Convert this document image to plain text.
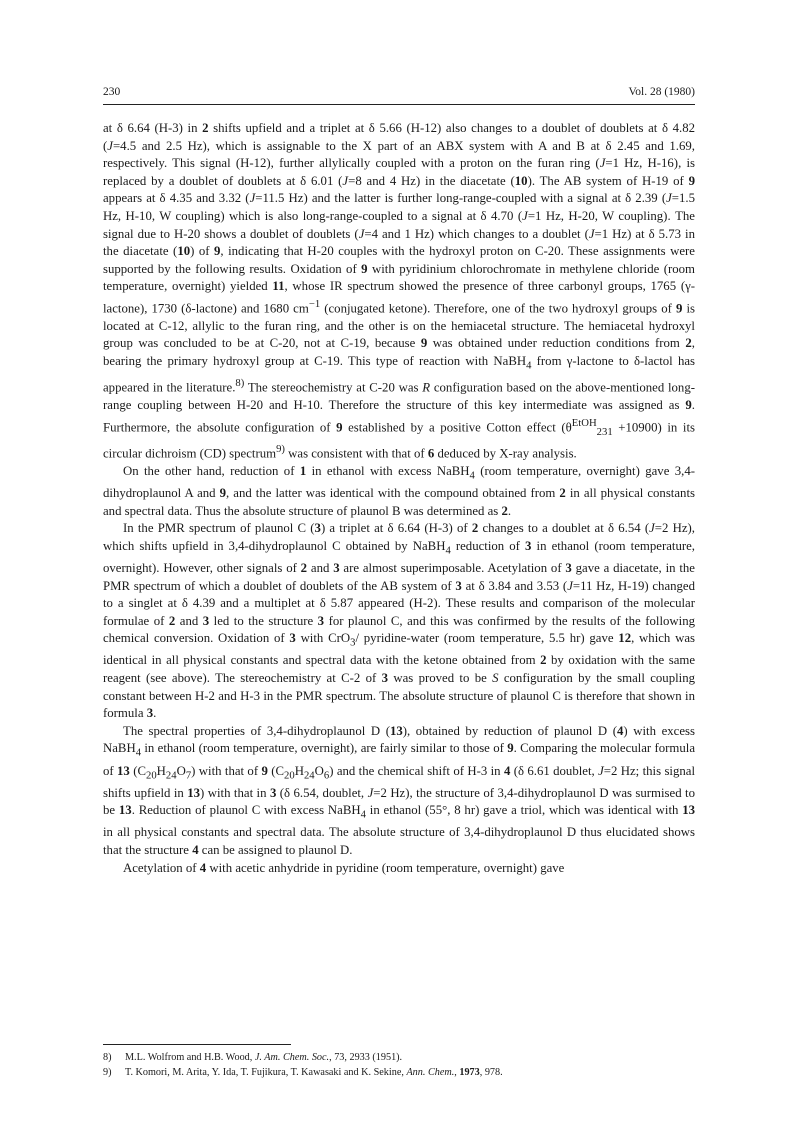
230	Vol. 28 (1980)

at δ 6.64 (H-3) in 2 shifts upfield and a triplet at δ 5.66 (H-12) also changes to a doublet of doublets at δ 4.82 (J=4.5 and 2.5 Hz), which is assignable to the X part of an ABX system with A and B at δ 2.45 and 1.69, respectively. This signal (H-12), further allylically coupled with a proton on the furan ring (J=1 Hz, H-16), is replaced by a doublet of doublets at δ 6.01 (J=8 and 4 Hz) in the diacetate (10). The AB system of H-19 of 9 appears at δ 4.35 and 3.32 (J=11.5 Hz) and the latter is further long-range-coupled with a signal at δ 2.39 (J=1.5 Hz, H-10, W coupling) which is also long-range-coupled to a signal at δ 4.70 (J=1 Hz, H-20, W coupling). The signal due to H-20 shows a doublet of doublets (J=4 and 1 Hz) which changes to a doublet (J=1 Hz) at δ 5.73 in the diacetate (10) of 9, indicating that H-20 couples with the hydroxyl proton on C-20. These assignments were supported by the following results. Oxidation of 9 with pyridinium chlorochromate in methylene chloride (room temperature, overnight) yielded 11, whose IR spectrum showed the presence of three carbonyl groups, 1765 (γ-lactone), 1730 (δ-lactone) and 1680 $cm^{-1}$ (conjugated ketone). Therefore, one of the two hydroxyl groups of 9 is located at C-12, allylic to the furan ring, and the other is on the hemiacetal structure. The hemiacetal hydroxyl group was concluded to be at C-20, not at C-19, because 9 was obtained under reduction conditions from 2, bearing the primary hydroxyl group at C-19. This type of reaction with NaBH$_4$ from γ-lactone to δ-lactol has appeared in the literature.$^{8)}$ The stereochemistry at C-20 was R configuration based on the above-mentioned long-range coupling between H-20 and H-10. Therefore the structure of this key intermediate was assigned as 9. Furthermore, the absolute configuration of 9 established by a positive Cotton effect $(\theta^{EtOH}_{231} +10900)$ in its circular dichroism (CD) spectrum$^{9)}$ was consistent with that of 6 deduced by X-ray analysis.

On the other hand, reduction of 1 in ethanol with excess NaBH$_4$ (room temperature, overnight) gave 3,4-dihydroplaunol A and 9, and the latter was identical with the compound obtained from 2 in all physical constants and spectral data. Thus the absolute structure of plaunol B was determined as 2.

In the PMR spectrum of plaunol C (3) a triplet at δ 6.64 (H-3) of 2 changes to a doublet at δ 6.54 (J=2 Hz), which shifts upfield in 3,4-dihydroplaunol C obtained by NaBH$_4$ reduction of 3 in ethanol (room temperature, overnight). However, other signals of 2 and 3 are almost superimposable. Acetylation of 3 gave a diacetate, in the PMR spectrum of which a doublet of doublets of the AB system of 3 at δ 3.84 and 3.53 (J=11 Hz, H-19) changed to a singlet at δ 4.39 and a multiplet at δ 5.87 appeared (H-2). These results and comparison of the molecular formulae of 2 and 3 led to the structure 3 for plaunol C, and this was confirmed by the results of the following chemical conversion. Oxidation of 3 with CrO$_3$/ pyridine-water (room temperature, 5.5 hr) gave 12, which was identical in all physical constants and spectral data with the ketone obtained from 2 by oxidation with the same reagent (see above). The stereochemistry at C-2 of 3 was proved to be S configuration by the small coupling constant between H-2 and H-3 in the PMR spectrum. The absolute structure of plaunol C is therefore that shown in formula 3.

The spectral properties of 3,4-dihydroplaunol D (13), obtained by reduction of plaunol D (4) with excess NaBH$_4$ in ethanol (room temperature, overnight), are fairly similar to those of 9. Comparing the molecular formula of 13 $(C_{20}H_{24}O_7)$ with that of 9 $(C_{20}H_{24}O_6)$ and the chemical shift of H-3 in 4 (δ 6.61 doublet, J=2 Hz; this signal shifts upfield in 13) with that in 3 (δ 6.54, doublet, J=2 Hz), the structure of 3,4-dihydroplaunol D was surmised to be 13. Reduction of plaunol C with excess NaBH$_4$ in ethanol (55°, 8 hr) gave a triol, which was identical with 13 in all physical constants and spectral data. The absolute structure of 3,4-dihydroplaunol D thus elucidated shows that the structure 4 can be assigned to plaunol D.

Acetylation of 4 with acetic anhydride in pyridine (room temperature, overnight) gave

8) M.L. Wolfrom and H.B. Wood, J. Am. Chem. Soc., 73, 2933 (1951).

9) T. Komori, M. Arita, Y. Ida, T. Fujikura, T. Kawasaki and K. Sekine, Ann. Chem., 1973, 978.
